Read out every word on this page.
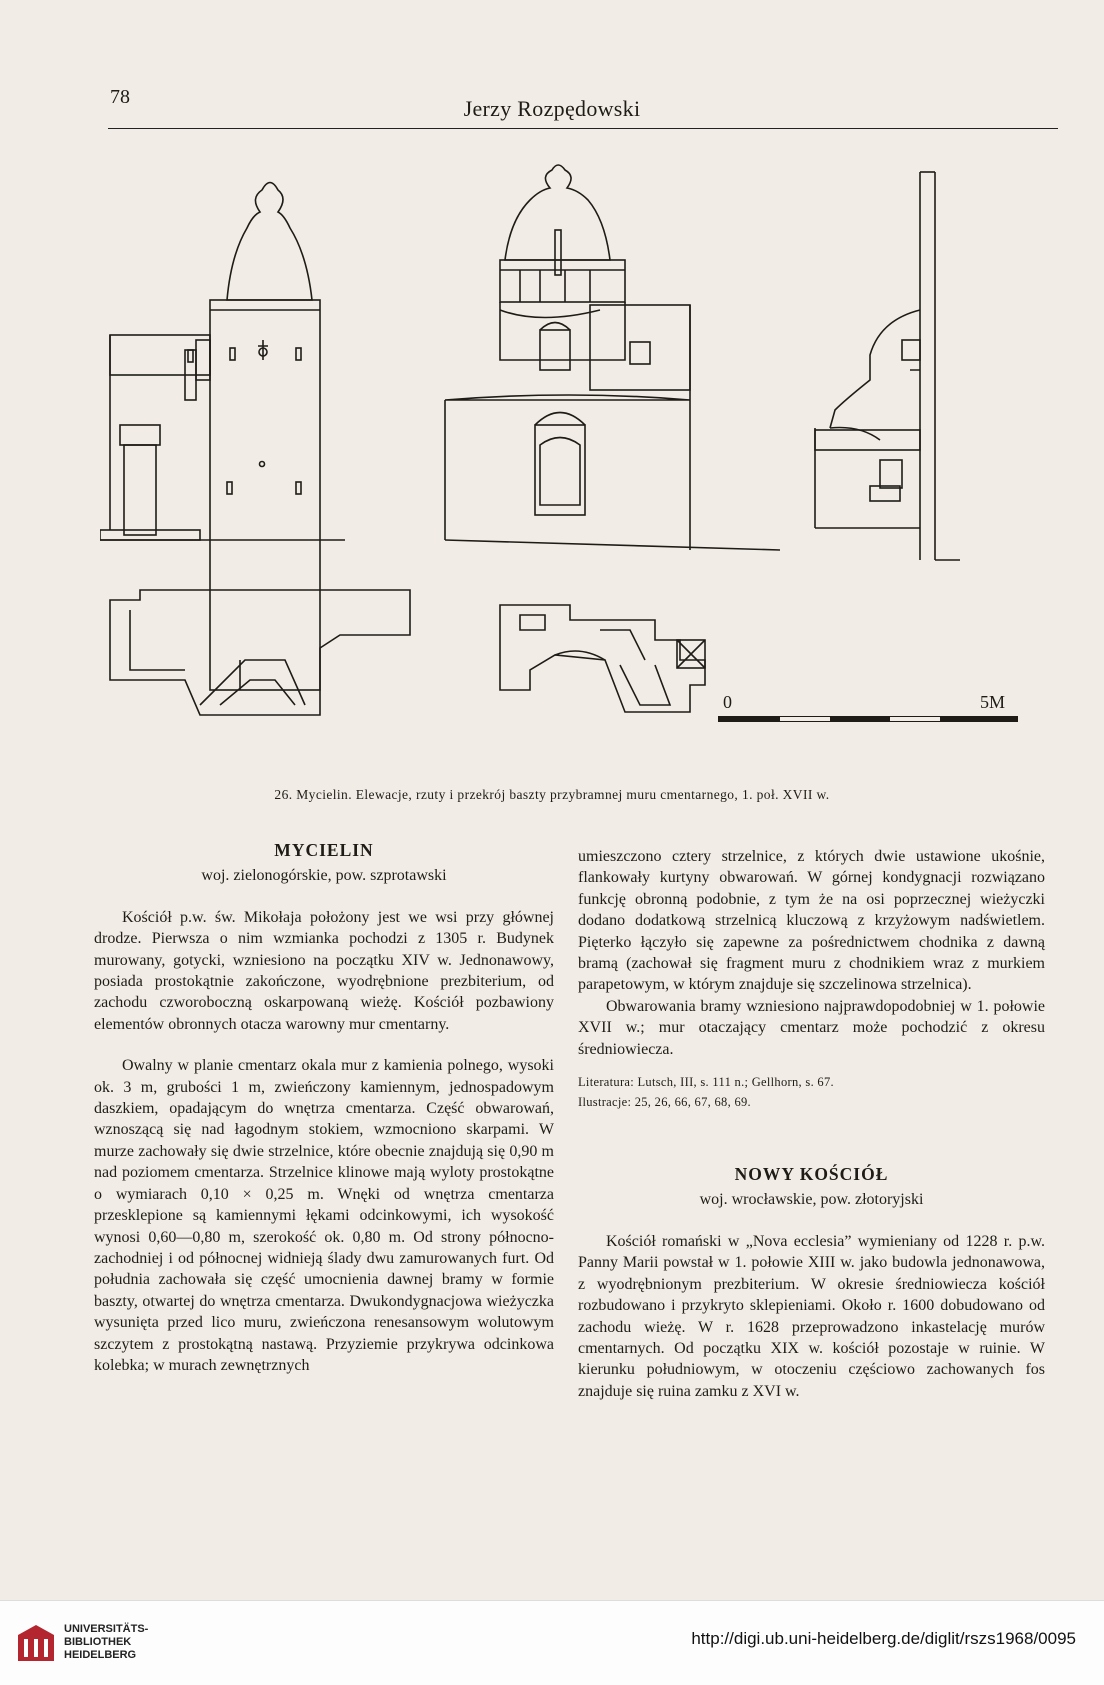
78	Jerzy Rozpędowski
0	5M
26. Mycielin. Elewacje, rzuty i przekrój baszty przybramnej muru cmentarnego, 1. poł. XVII w.
MYCIELIN
woj. zielonogórskie, pow. szprotawski

Kościół p.w. św. Mikołaja położony jest we wsi przy głównej drodze. Pierwsza o nim wzmianka pochodzi z 1305 r. Budynek murowany, gotycki, wzniesiono na początku XIV w. Jednonawowy, posiada prostokątnie zakończone, wyodrębnione prezbiterium, od zachodu czworoboczną oskarpowaną wieżę. Kościół pozbawiony elementów obronnych otacza warowny mur cmentarny.

Owalny w planie cmentarz okala mur z kamienia polnego, wysoki ok. 3 m, grubości 1 m, zwieńczony kamiennym, jednospadowym daszkiem, opadającym do wnętrza cmentarza. Część obwarowań, wznoszącą się nad łagodnym stokiem, wzmocniono skarpami. W murze zachowały się dwie strzelnice, które obecnie znajdują się 0,90 m nad poziomem cmentarza. Strzelnice klinowe mają wyloty prostokątne o wymiarach 0,10 × 0,25 m. Wnęki od wnętrza cmentarza przesklepione są kamiennymi łękami odcinkowymi, ich wysokość wynosi 0,60—0,80 m, szerokość ok. 0,80 m. Od strony północno-zachodniej i od północnej widnieją ślady dwu zamurowanych furt. Od południa zachowała się część umocnienia dawnej bramy w formie baszty, otwartej do wnętrza cmentarza. Dwukondygnacjowa wieżyczka wysunięta przed lico muru, zwieńczona renesansowym wolutowym szczytem z prostokątną nastawą. Przyziemie przykrywa odcinkowa kolebka; w murach zewnętrznych

umieszczono cztery strzelnice, z których dwie ustawione ukośnie, flankowały kurtyny obwarowań. W górnej kondygnacji rozwiązano funkcję obronną podobnie, z tym że na osi poprzecznej wieżyczki dodano dodatkową strzelnicą kluczową z krzyżowym nadświetlem. Pięterko łączyło się zapewne za pośrednictwem chodnika z dawną bramą (zachował się fragment muru z chodnikiem wraz z murkiem parapetowym, w którym znajduje się szczelinowa strzelnica).

Obwarowania bramy wzniesiono najprawdopodobniej w 1. połowie XVII w.; mur otaczający cmentarz może pochodzić z okresu średniowiecza.

Literatura: Lutsch, III, s. 111 n.; Gellhorn, s. 67.
Ilustracje: 25, 26, 66, 67, 68, 69.
NOWY KOŚCIÓŁ
woj. wrocławskie, pow. złotoryjski

Kościół romański w „Nova ecclesia” wymieniany od 1228 r. p.w. Panny Marii powstał w 1. połowie XIII w. jako budowla jednonawowa, z wyodrębnionym prezbiterium. W okresie średniowiecza kościół rozbudowano i przykryto sklepieniami. Około r. 1600 dobudowano od zachodu wieżę. W r. 1628 przeprowadzono inkastelację murów cmentarnych. Od początku XIX w. kościół pozostaje w ruinie. W kierunku południowym, w otoczeniu częściowo zachowanych fos znajduje się ruina zamku z XVI w.

UNIVERSITÄTS-
BIBLIOTHEK
HEIDELBERG
http://digi.ub.uni-heidelberg.de/diglit/rszs1968/0095
